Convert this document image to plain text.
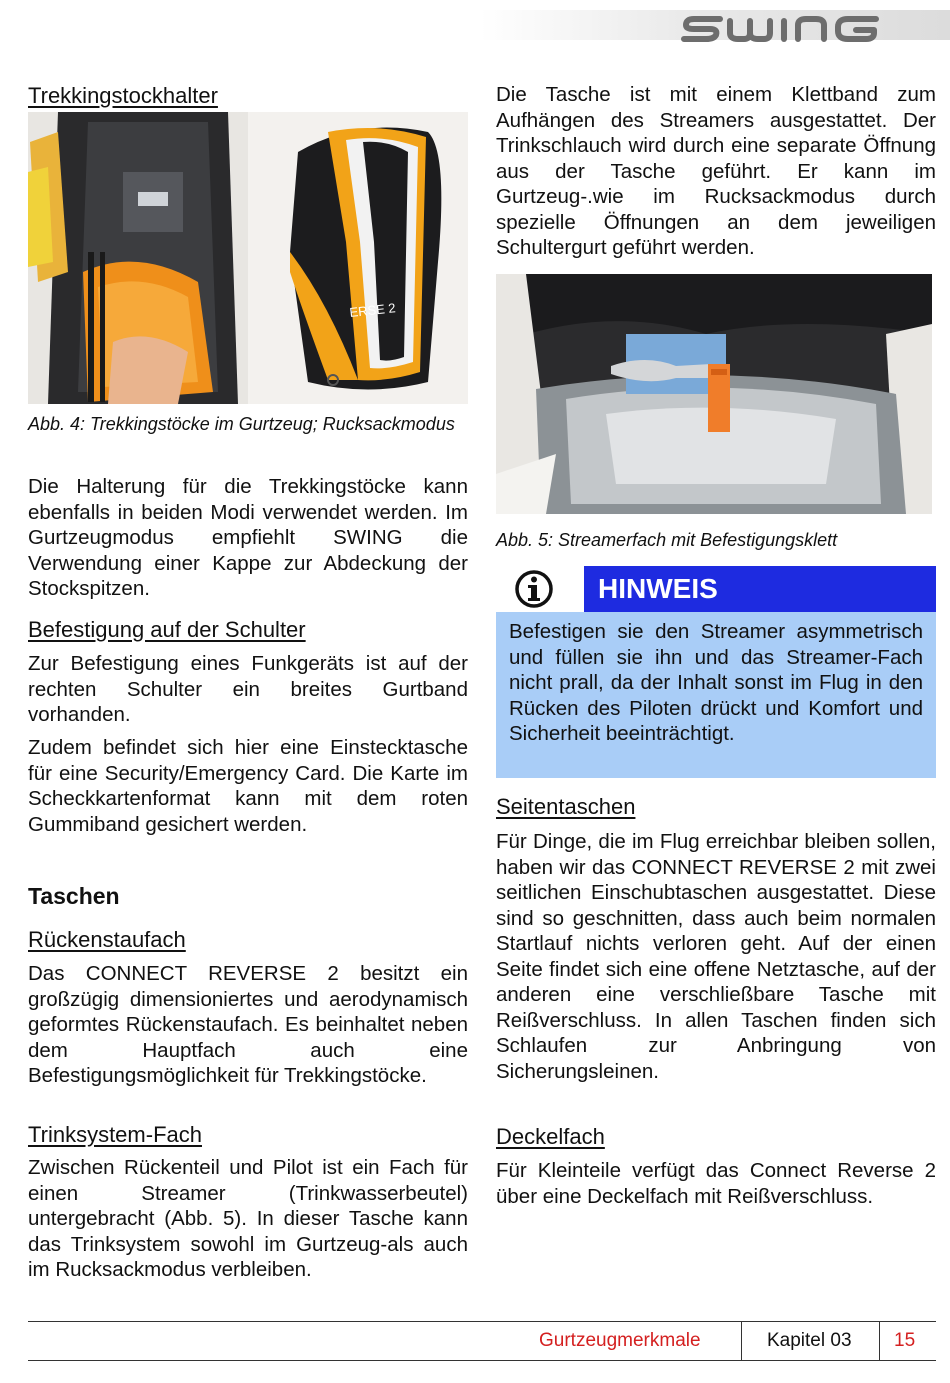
Trekkingstockhalter
ERSE 2
Abb. 4: Trekkingstöcke im Gurtzeug; Rucksackmodus
Die Halterung für die Trekkingstöcke kann ebenfalls in beiden Modi verwendet werden. Im Gurtzeugmodus empfiehlt SWING die Verwendung einer Kappe zur Abdeckung der Stockspitzen.
Befestigung auf der Schulter
Zur Befestigung eines Funkgeräts ist auf der rechten Schulter ein breites Gurtband vorhanden.
Zudem befindet sich hier eine Einstecktasche für eine Security/Emergency Card. Die Karte im Scheckkartenformat kann mit dem roten Gummiband gesichert werden.
Taschen
Rückenstaufach
Das CONNECT REVERSE 2 besitzt ein großzügig dimensioniertes und aerodynamisch geformtes Rückenstaufach. Es beinhaltet neben dem Hauptfach auch eine Befestigungsmöglichkeit für Trekkingstöcke.
Trinksystem-Fach
Zwischen Rückenteil und Pilot ist ein Fach für einen Streamer (Trinkwasserbeutel) untergebracht (Abb. 5). In dieser Tasche kann das Trinksystem sowohl im Gurtzeug-als auch im Rucksackmodus verbleiben.
Die Tasche ist mit einem Klettband zum Aufhängen des Streamers ausgestattet. Der Trinkschlauch wird durch eine separate Öffnung aus der Tasche geführt. Er kann im Gurtzeug-.wie im Rucksackmodus durch spezielle Öffnungen an dem jeweiligen Schultergurt geführt werden.
Abb. 5: Streamerfach mit Befestigungsklett
HINWEIS

Befestigen sie den Streamer asymmetrisch und füllen sie ihn und das Streamer-Fach nicht prall, da der Inhalt sonst im Flug in den Rücken des Piloten drückt und Komfort und Sicherheit beeinträchtigt.

Seitentaschen
Für Dinge, die im Flug erreichbar bleiben sollen, haben wir das CONNECT REVERSE 2 mit zwei seitlichen Einschubtaschen ausgestattet. Diese sind so geschnitten, dass auch beim normalen Startlauf nichts verloren geht. Auf der einen Seite findet sich eine offene Netztasche, auf der anderen eine verschließbare Tasche mit Reißverschluss. In allen Taschen finden sich Schlaufen zur Anbringung von Sicherungsleinen.
Deckelfach
Für Kleinteile verfügt das Connect Reverse 2 über eine Deckelfach mit Reißverschluss.
Gurtzeugmerkmale	Kapitel 03 15
